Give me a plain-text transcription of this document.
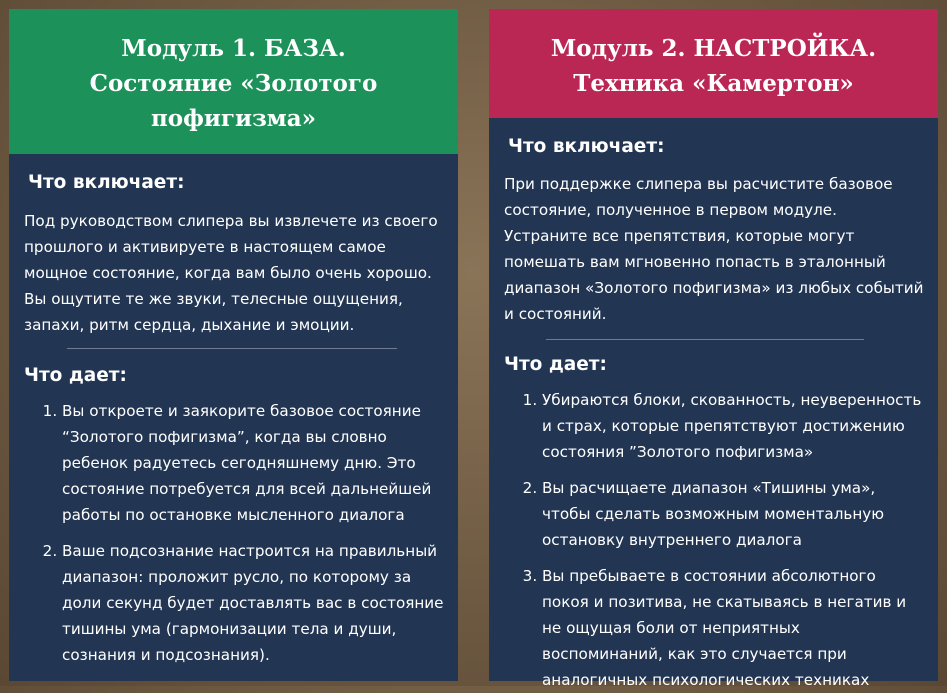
Модуль 1. БАЗА.
Состояние «Золотого
пофигизма»

Что включает:

Под руководством слипера вы извлечете из своего прошлого и активируете в настоящем самое мощное состояние, когда вам было очень хорошо. Вы ощутите те же звуки, телесные ощущения, запахи, ритм сердца, дыхание и эмоции.

Что дает:

1. Вы откроете и заякорите базовое состояние “Золотого пофигизма”, когда вы словно ребенок радуетесь сегодняшнему дню. Это состояние потребуется для всей дальнейшей работы по остановке мысленного диалога
2. Ваше подсознание настроится на правильный диапазон: проложит русло, по которому за доли секунд будет доставлять вас в состояние тишины ума (гармонизации тела и души, сознания и подсознания).
Модуль 2. НАСТРОЙКА.
Техника «Камертон»

Что включает:

При поддержке слипера вы расчистите базовое состояние, полученное в первом модуле. Устраните все препятствия, которые могут помешать вам мгновенно попасть в эталонный диапазон «Золотого пофигизма» из любых событий и состояний.

Что дает:

1. Убираются блоки, скованность, неуверенность и страх, которые препятствуют достижению состояния ”Золотого пофигизма»
2. Вы расчищаете диапазон «Тишины ума», чтобы сделать возможным моментальную остановку внутреннего диалога
3. Вы пребываете в состоянии абсолютного покоя и позитива, не скатываясь в негатив и не ощущая боли от неприятных воспоминаний, как это случается при аналогичных психологических техниках
